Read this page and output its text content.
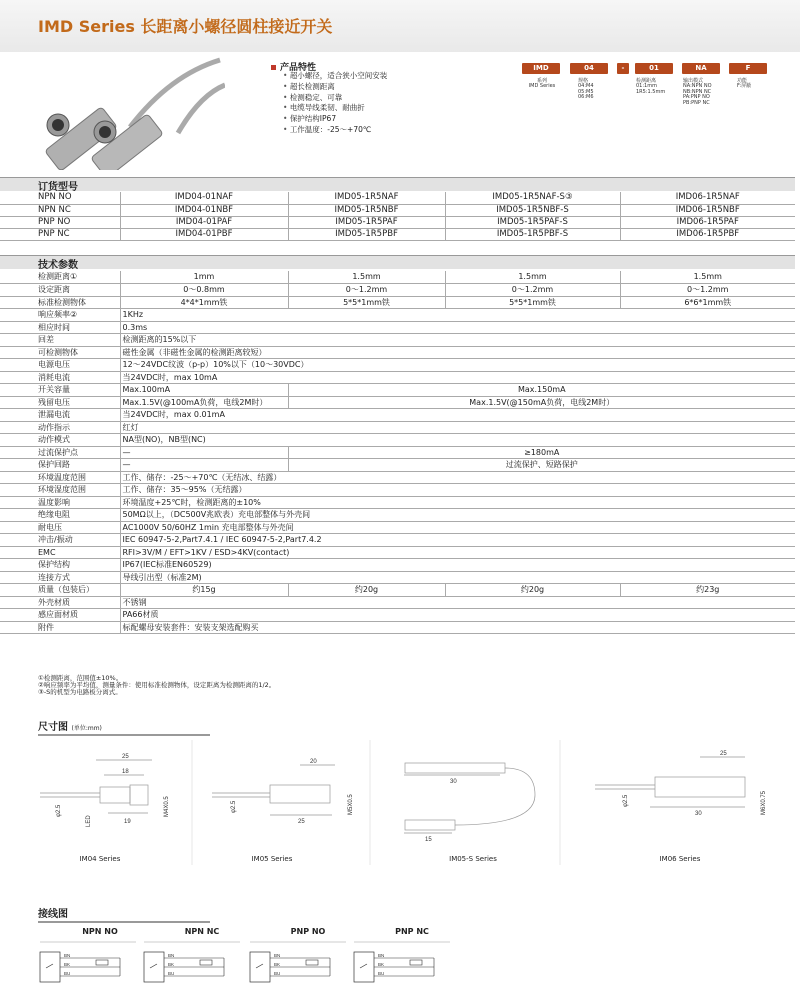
IMD Series 长距离小螺径圆柱接近开关
产品特性
• 超小螺径，适合狭小空间安装
• 超长检测距离
• 检测稳定、可靠
• 电缆导线柔韧、耐曲折
• 保护结构IP67
• 工作温度：-25～+70℃
IMD	04	-	01	NA	F
系列
IMD Series
规格
04:M4
05:M5
06:M6
检测距离
01:1mm
1R5:1.5mm
输出模式
NA:NPN NO
NB:NPN NC
PA:PNP NO
PB:PNP NC
功能
F:屏蔽
订货型号
NPN NO	IMD04-01NAF	IMD05-1R5NAF	IMD05-1R5NAF-S③	IMD06-1R5NAF
NPN NC	IMD04-01NBF	IMD05-1R5NBF	IMD05-1R5NBF-S	IMD06-1R5NBF
PNP NO	IMD04-01PAF	IMD05-1R5PAF	IMD05-1R5PAF-S	IMD06-1R5PAF
PNP NC	IMD04-01PBF	IMD05-1R5PBF	IMD05-1R5PBF-S	IMD06-1R5PBF
技术参数
检测距离①	1mm	1.5mm	1.5mm	1.5mm
设定距离	0～0.8mm	0～1.2mm	0～1.2mm	0～1.2mm
标准检测物体	4*4*1mm铁	5*5*1mm铁	5*5*1mm铁	6*6*1mm铁
响应频率②	1KHz			
相应时间	0.3ms			
回差	检测距离的15%以下			
可检测物体	磁性金属（非磁性金属的检测距离较短）			
电源电压	12～24VDC纹波（p-p）10%以下（10～30VDC）			
消耗电流	当24VDC时，max 10mA			
开关容量	Max.100mA	Max.150mA		
残留电压	Max.1.5V(@100mA负荷，电线2M时）	Max.1.5V(@150mA负荷，电线2M时）		
泄漏电流	当24VDC时，max 0.01mA			
动作指示	红灯			
动作模式	NA型(NO)，NB型(NC)			
过流保护点	—	≥180mA		
保护回路	—	过流保护、短路保护		
环境温度范围	工作、储存：-25～+70℃（无结冰、结露）			
环境湿度范围	工作、储存：35～95%（无结露）			
温度影响	环境温度+25℃时，检测距离的±10%			
绝缘电阻	50MΩ以上，（DC500V兆欧表）充电部整体与外壳间			
耐电压	AC1000V 50/60HZ 1min 充电部整体与外壳间			
冲击/振动	IEC 60947-5-2,Part7.4.1 / IEC 60947-5-2,Part7.4.2			
EMC	RFI>3V/M / EFT>1KV / ESD>4KV(contact)			
保护结构	IP67(IEC标准EN60529)			
连接方式	导线引出型（标准2M)			
质量（包装后）	约15g	约20g	约20g	约23g
外壳材质	不锈钢			
感应面材质	PA66材质			
附件	标配螺母安装套件：安装支架选配购买			
①检测距离，范围值±10%。
②响应频率为平均值，测量条件：使用标准检测物体，设定距离为检测距离的1/2。
③-S的机型为电路板分离式。
尺寸图 (单位:mm)
25
18
19
φ2.5	M4X0.5
LED
20
25
φ2.5	M5X0.5
30
15
25
30
φ2.5	M6X0.75
IM04 Series	IM05 Series	IM05-S Series	IM06 Series
接线图
NPN NO	NPN NC	PNP NO	PNP NC
BN
BK
BU
BN
BK
BU
BN
BK
BU
BN
BK
BU
